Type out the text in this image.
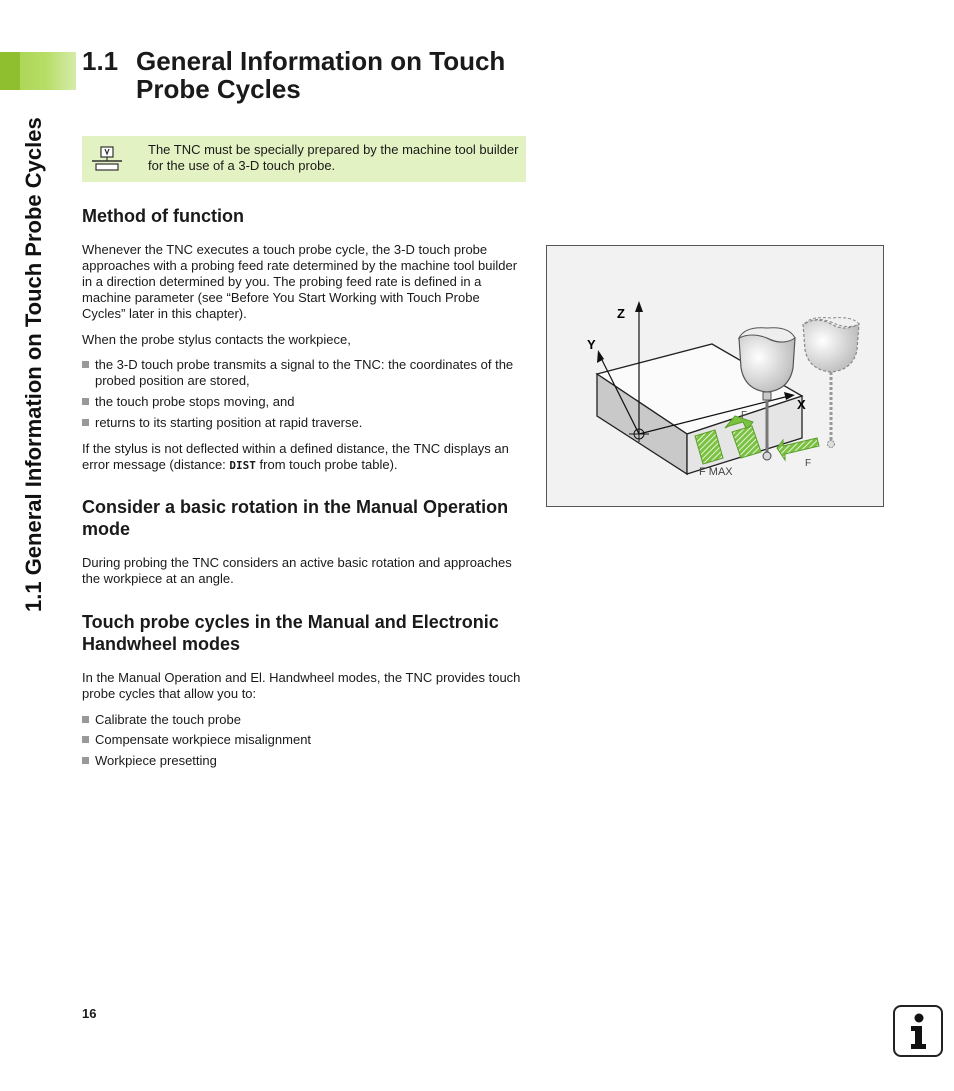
1.1 General Information on Touch Probe Cycles
1.1 General Information on Touch
Probe Cycles
The TNC must be specially prepared by the machine tool builder for the use of a 3-D touch probe.
Method of function

Whenever the TNC executes a touch probe cycle, the 3-D touch probe approaches with a probing feed rate determined by the machine tool builder in a direction determined by you. The probing feed rate is defined in a machine parameter (see “Before You Start Working with Touch Probe Cycles” later in this chapter).

When the probe stylus contacts the workpiece,

the 3-D touch probe transmits a signal to the TNC: the coordinates of the probed position are stored,
the touch probe stops moving, and
returns to its starting position at rapid traverse.

If the stylus is not deflected within a defined distance, the TNC displays an error message (distance: DIST from touch probe table).

Consider a basic rotation in the Manual Operation mode

During probing the TNC considers an active basic rotation and approaches the workpiece at an angle.

Touch probe cycles in the Manual and Electronic Handwheel modes

In the Manual Operation and El. Handwheel modes, the TNC provides touch probe cycles that allow you to:

Calibrate the touch probe
Compensate workpiece misalignment
Workpiece presetting
Z
Y
X
F
F
F MAX
16
